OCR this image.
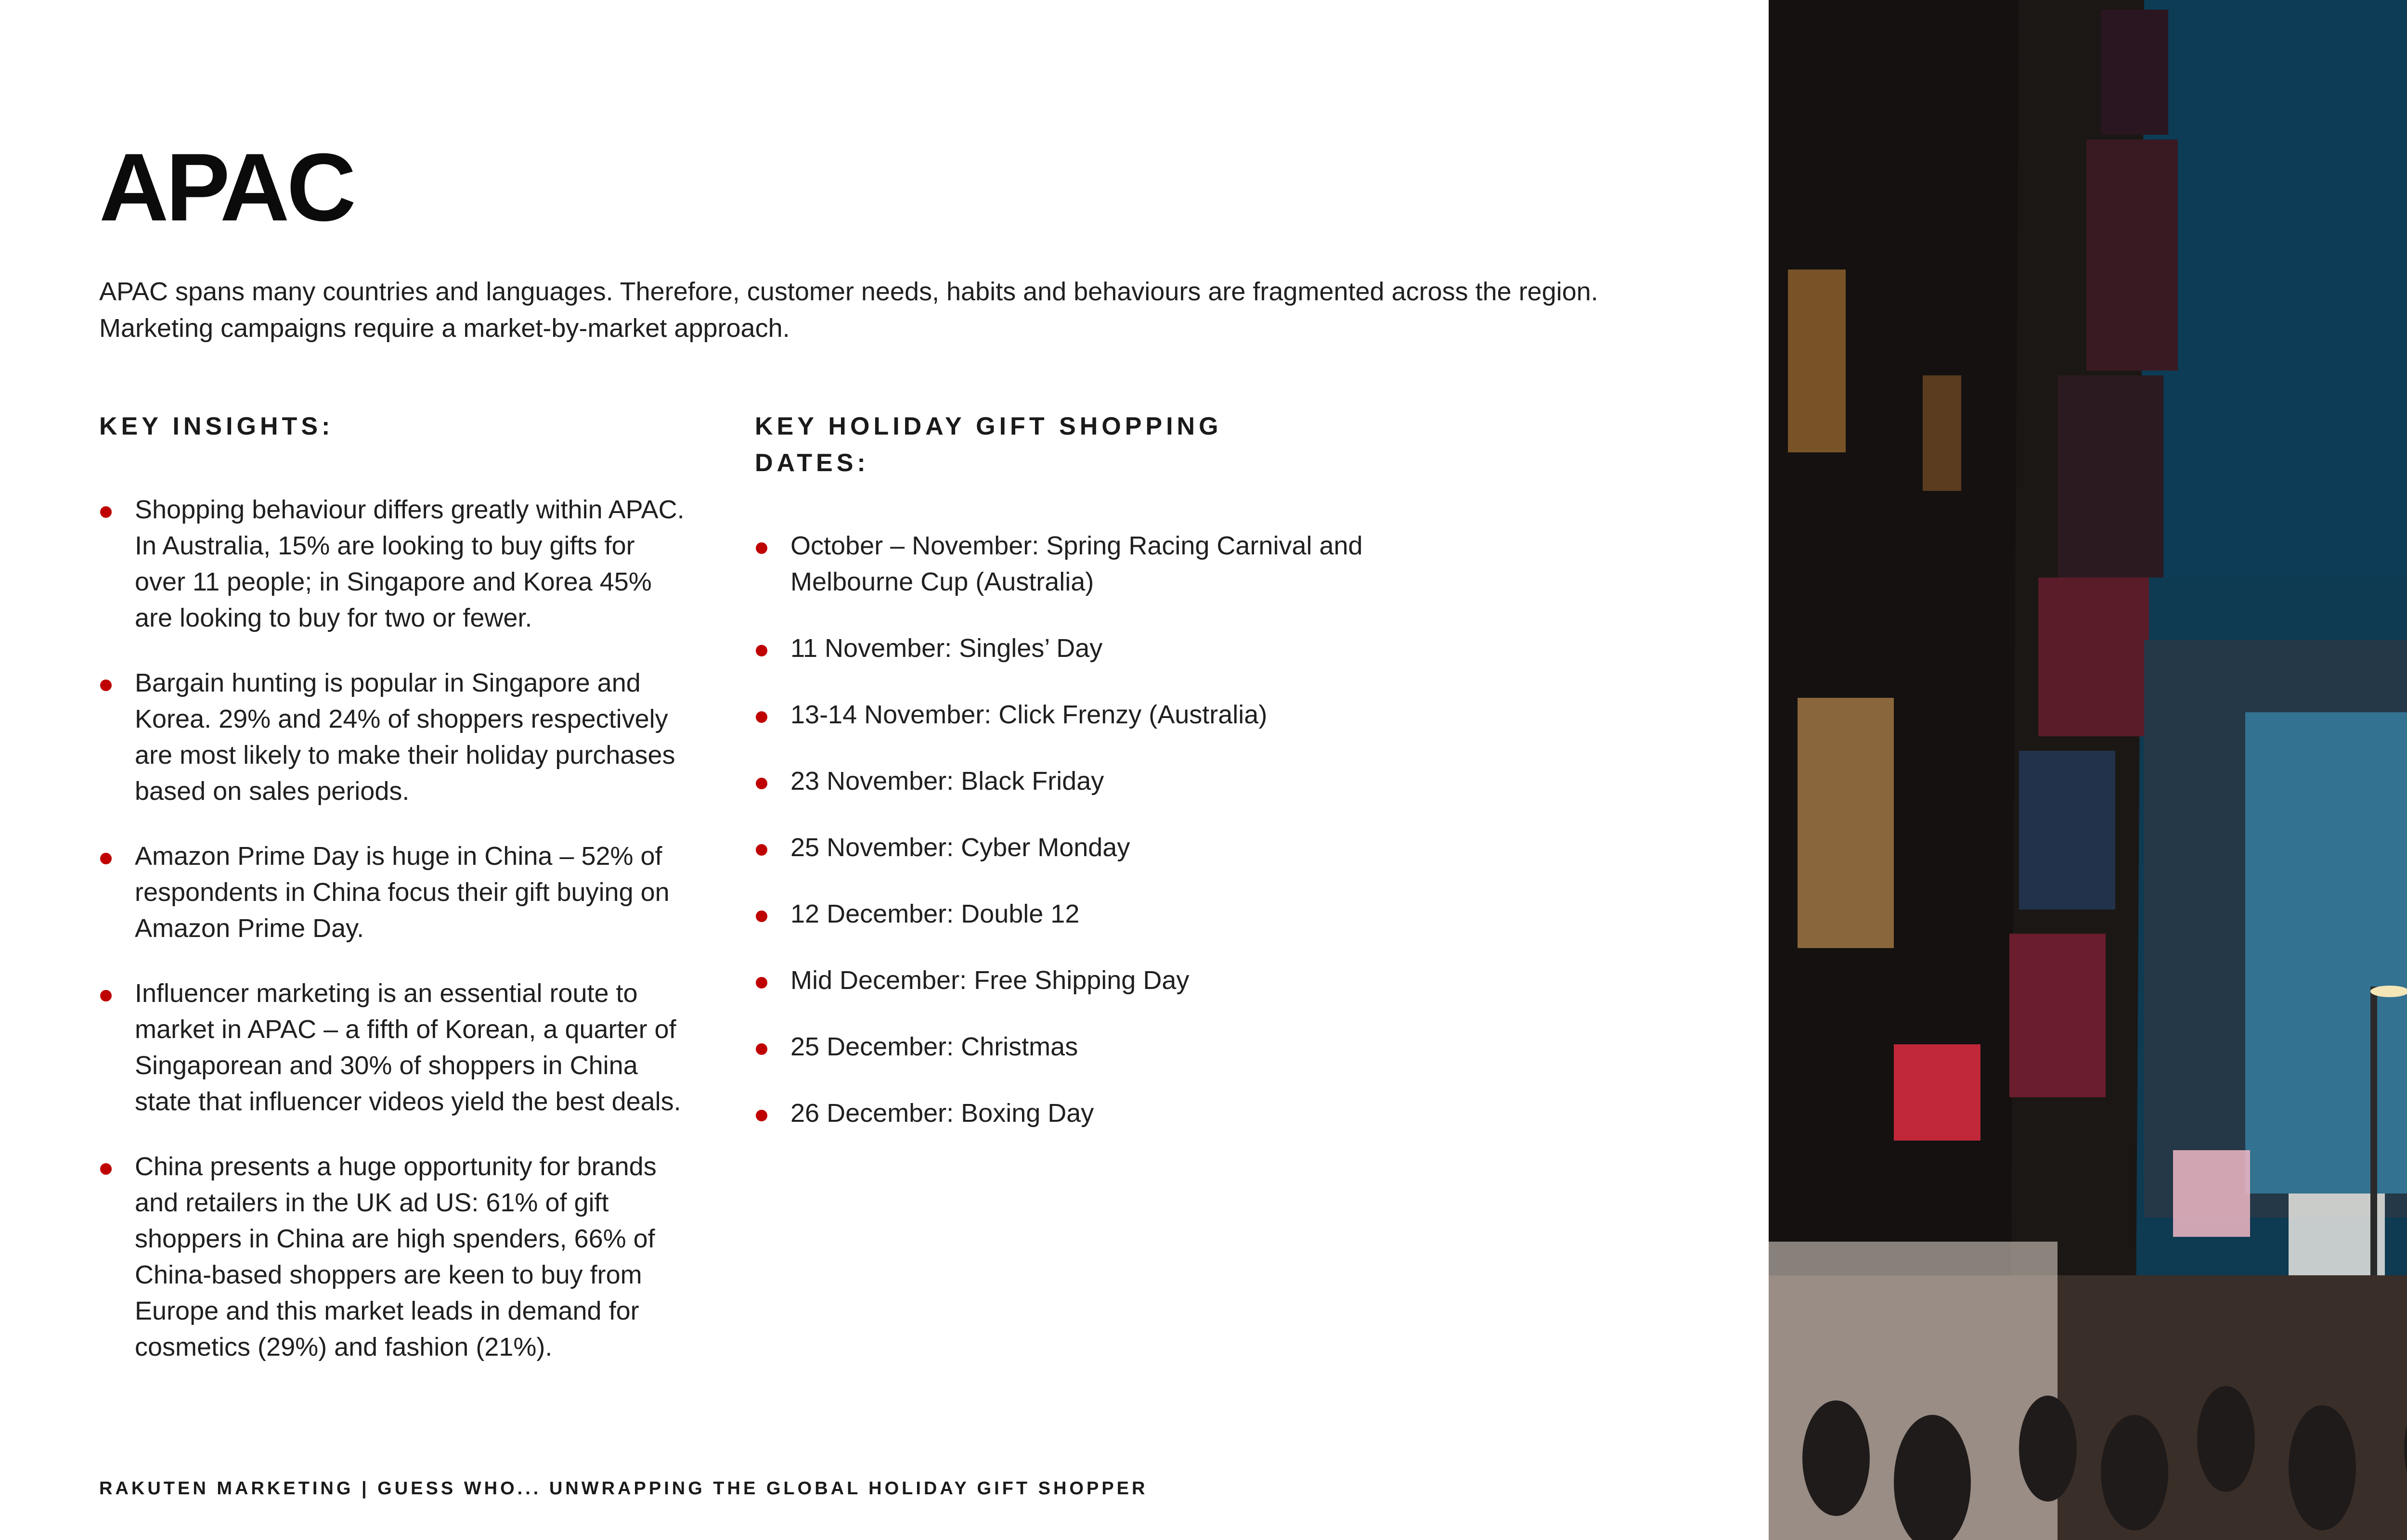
APAC
APAC spans many countries and languages. Therefore, customer needs, habits and behaviours are fragmented across the region. Marketing campaigns require a market-by-market approach.
KEY INSIGHTS:
Shopping behaviour differs greatly within APAC. In Australia, 15% are looking to buy gifts for over 11 people; in Singapore and Korea 45% are looking to buy for two or fewer.
Bargain hunting is popular in Singapore and Korea. 29% and 24% of shoppers respectively are most likely to make their holiday purchases based on sales periods.
Amazon Prime Day is huge in China – 52% of respondents in China focus their gift buying on Amazon Prime Day.
Influencer marketing is an essential route to market in APAC – a fifth of Korean, a quarter of Singaporean and 30% of shoppers in China state that influencer videos yield the best deals.
China presents a huge opportunity for brands and retailers in the UK ad US: 61% of gift shoppers in China are high spenders, 66% of China-based shoppers are keen to buy from Europe and this market leads in demand for cosmetics (29%) and fashion (21%).
KEY HOLIDAY GIFT SHOPPING DATES:
October – November: Spring Racing Carnival and Melbourne Cup (Australia)
11 November: Singles’ Day
13-14 November: Click Frenzy (Australia)
23 November: Black Friday
25 November: Cyber Monday
12 December: Double 12
Mid December: Free Shipping Day
25 December: Christmas
26 December: Boxing Day
RAKUTEN MARKETING | GUESS WHO... UNWRAPPING THE GLOBAL HOLIDAY GIFT SHOPPER
